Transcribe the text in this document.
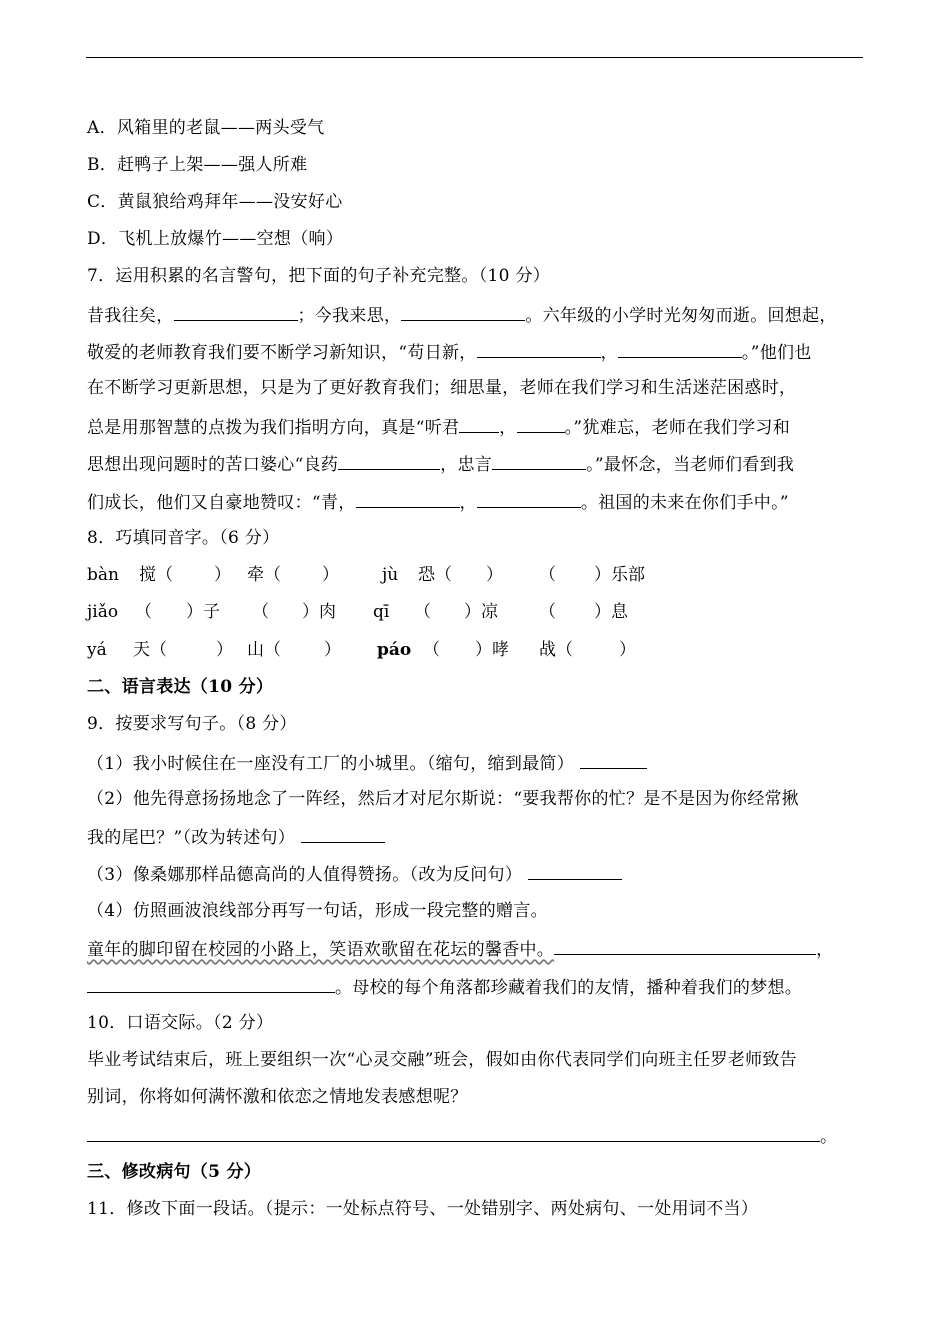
A．风箱里的老鼠——两头受气
B．赶鸭子上架——强人所难
C．黄鼠狼给鸡拜年——没安好心
D．飞机上放爆竹——空想（响）
7．运用积累的名言警句，把下面的句子补充完整。（10 分）
昔我往矣，	；今我来思，	。六年级的小学时光匆匆而逝。回想起，
敬爱的老师教育我们要不断学习新知识，“苟日新，	，	。”他们也
在不断学习更新思想，只是为了更好教育我们；细思量，老师在我们学习和生活迷茫困惑时，
总是用那智慧的点拨为我们指明方向，真是“听君 ，	。”犹难忘，老师在我们学习和
思想出现问题时的苦口婆心“良药	，忠言	。”最怀念，当老师们看到我
们成长，他们又自豪地赞叹：“青，	，	。祖国的未来在你们手中。”
8．巧填同音字。（6 分）
bàn 搅（ ） 牵（ ）	jù 恐（ ） （ ）乐部
jiǎo （ ）子 （ ）肉 qī （ ）凉 （ ）息
yá 天（	） 山（	） páo （ ）哮 战（	）
二、语言表达（10 分）
9．按要求写句子。（8 分）
（1）我小时候住在一座没有工厂的小城里。（缩句，缩到最简）
（2）他先得意扬扬地念了一阵经，然后才对尼尔斯说：“要我帮你的忙？是不是因为你经常揪
我的尾巴？”（改为转述句）
（3）像桑娜那样品德高尚的人值得赞扬。（改为反问句）
（4）仿照画波浪线部分再写一句话，形成一段完整的赠言。
童年的脚印留在校园的小路上，笑语欢歌留在花坛的馨香中。	，
。母校的每个角落都珍藏着我们的友情，播种着我们的梦想。
10．口语交际。（2 分）
毕业考试结束后，班上要组织一次“心灵交融”班会，假如由你代表同学们向班主任罗老师致告
别词，你将如何满怀激和依恋之情地发表感想呢？
。
三、修改病句（5 分）
11．修改下面一段话。（提示：一处标点符号、一处错别字、两处病句、一处用词不当）
